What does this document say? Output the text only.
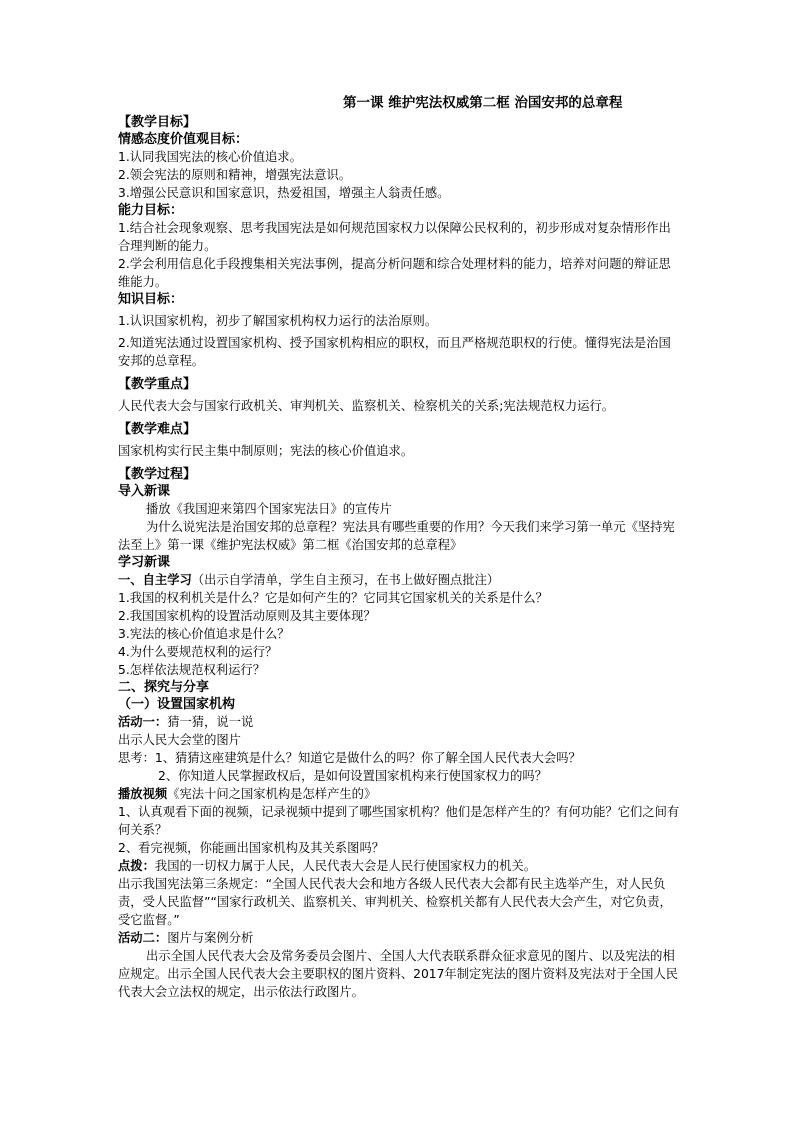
第一课 维护宪法权威第二框 治国安邦的总章程
【教学目标】
情感态度价值观目标：
1.认同我国宪法的核心价值追求。
2.领会宪法的原则和精神，增强宪法意识。
3.增强公民意识和国家意识，热爱祖国，增强主人翁责任感。
能力目标：
1.结合社会现象观察、思考我国宪法是如何规范国家权力以保障公民权利的，初步形成对复杂情形作出合理判断的能力。
2.学会利用信息化手段搜集相关宪法事例，提高分析问题和综合处理材料的能力，培养对问题的辩证思维能力。
知识目标：
1.认识国家机构，初步了解国家机构权力运行的法治原则。
2.知道宪法通过设置国家机构、授予国家机构相应的职权，而且严格规范职权的行使。懂得宪法是治国安邦的总章程。
【教学重点】
人民代表大会与国家行政机关、审判机关、监察机关、检察机关的关系;宪法规范权力运行。
【教学难点】
国家机构实行民主集中制原则；宪法的核心价值追求。
【教学过程】
导入新课
播放《我国迎来第四个国家宪法日》的宣传片
为什么说宪法是治国安邦的总章程？宪法具有哪些重要的作用？今天我们来学习第一单元《坚持宪法至上》第一课《维护宪法权威》第二框《治国安邦的总章程》
学习新课
一、自主学习（出示自学清单，学生自主预习，在书上做好圈点批注）
1.我国的权利机关是什么？它是如何产生的？它同其它国家机关的关系是什么？
2.我国国家机构的设置活动原则及其主要体现？
3.宪法的核心价值追求是什么？
4.为什么要规范权利的运行？
5.怎样依法规范权利运行？
二、探究与分享
（一）设置国家机构
活动一：猜一猜，说一说
出示人民大会堂的图片
思考：1、猜猜这座建筑是什么？知道它是做什么的吗？你了解全国人民代表大会吗？
2、你知道人民掌握政权后，是如何设置国家机构来行使国家权力的吗？
播放视频《宪法十问之国家机构是怎样产生的》
1、认真观看下面的视频，记录视频中提到了哪些国家机构？他们是怎样产生的？有何功能？它们之间有何关系？
2、看完视频，你能画出国家机构及其关系图吗？
点拨：我国的一切权力属于人民，人民代表大会是人民行使国家权力的机关。
出示我国宪法第三条规定：“全国人民代表大会和地方各级人民代表大会都有民主选举产生，对人民负责，受人民监督”“国家行政机关、监察机关、审判机关、检察机关都有人民代表大会产生，对它负责，受它监督。”
活动二：图片与案例分析
出示全国人民代表大会及常务委员会图片、全国人大代表联系群众征求意见的图片、以及宪法的相应规定。出示全国人民代表大会主要职权的图片资料、2017年制定宪法的图片资料及宪法对于全国人民代表大会立法权的规定，出示依法行政图片。
